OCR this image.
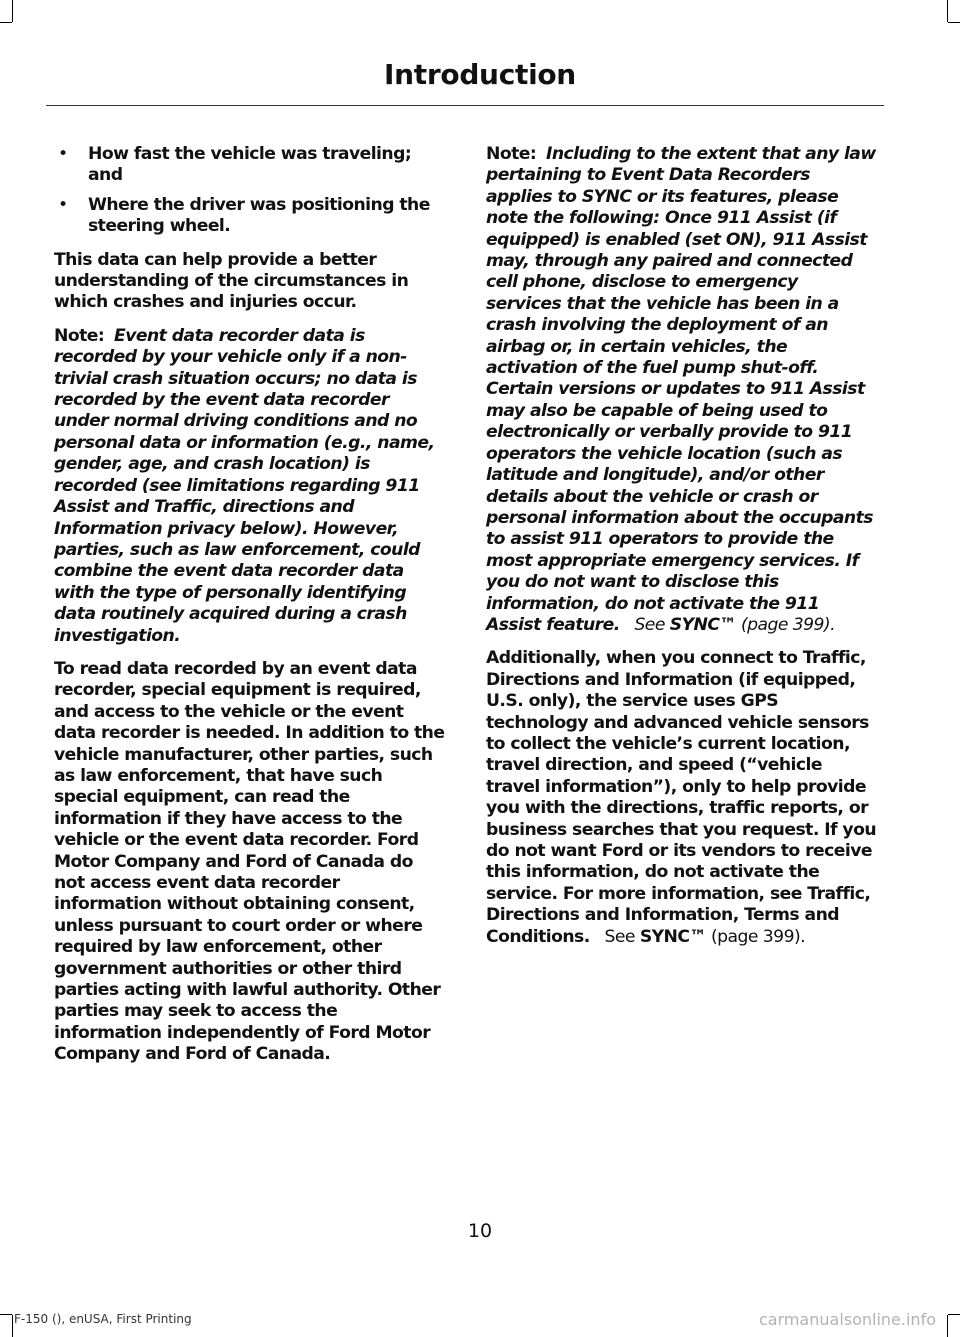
Introduction
• How fast the vehicle was traveling; and
• Where the driver was positioning the steering wheel.

This data can help provide a better understanding of the circumstances in which crashes and injuries occur.

Note: Event data recorder data is recorded by your vehicle only if a non-trivial crash situation occurs; no data is recorded by the event data recorder under normal driving conditions and no personal data or information (e.g., name, gender, age, and crash location) is recorded (see limitations regarding 911 Assist and Traffic, directions and Information privacy below). However, parties, such as law enforcement, could combine the event data recorder data with the type of personally identifying data routinely acquired during a crash investigation.

To read data recorded by an event data recorder, special equipment is required, and access to the vehicle or the event data recorder is needed. In addition to the vehicle manufacturer, other parties, such as law enforcement, that have such special equipment, can read the information if they have access to the vehicle or the event data recorder. Ford Motor Company and Ford of Canada do not access event data recorder information without obtaining consent, unless pursuant to court order or where required by law enforcement, other government authorities or other third parties acting with lawful authority. Other parties may seek to access the information independently of Ford Motor Company and Ford of Canada.

Note: Including to the extent that any law pertaining to Event Data Recorders applies to SYNC or its features, please note the following: Once 911 Assist (if equipped) is enabled (set ON), 911 Assist may, through any paired and connected cell phone, disclose to emergency services that the vehicle has been in a crash involving the deployment of an airbag or, in certain vehicles, the activation of the fuel pump shut-off. Certain versions or updates to 911 Assist may also be capable of being used to electronically or verbally provide to 911 operators the vehicle location (such as latitude and longitude), and/or other details about the vehicle or crash or personal information about the occupants to assist 911 operators to provide the most appropriate emergency services. If you do not want to disclose this information, do not activate the 911 Assist feature. See SYNC™ (page 399).

Additionally, when you connect to Traffic, Directions and Information (if equipped, U.S. only), the service uses GPS technology and advanced vehicle sensors to collect the vehicle’s current location, travel direction, and speed (“vehicle travel information”), only to help provide you with the directions, traffic reports, or business searches that you request. If you do not want Ford or its vendors to receive this information, do not activate the service. For more information, see Traffic, Directions and Information, Terms and Conditions. See SYNC™ (page 399).

10
F-150 (), enUSA, First Printing	carmanualsonline.info
